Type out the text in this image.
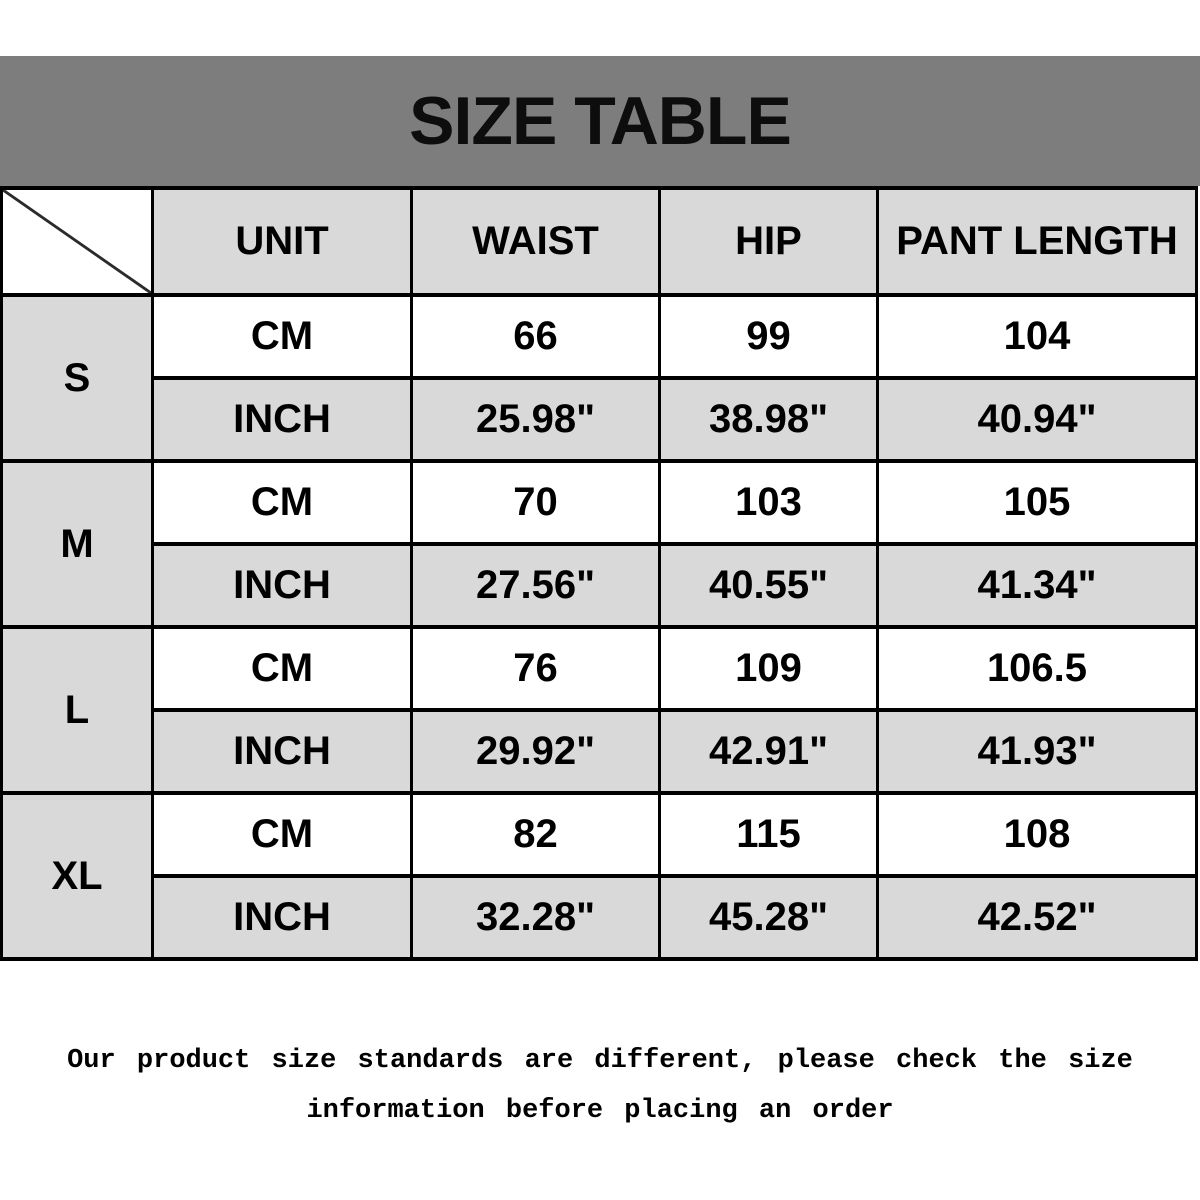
SIZE TABLE
	UNIT	WAIST	HIP	PANT LENGTH
S	CM	66	99	104
	INCH	25.98"	38.98"	40.94"
M	CM	70	103	105
	INCH	27.56"	40.55"	41.34"
L	CM	76	109	106.5
	INCH	29.92"	42.91"	41.93"
XL	CM	82	115	108
	INCH	32.28"	45.28"	42.52"
Our product size standards are different, please check the size
information before placing an order
